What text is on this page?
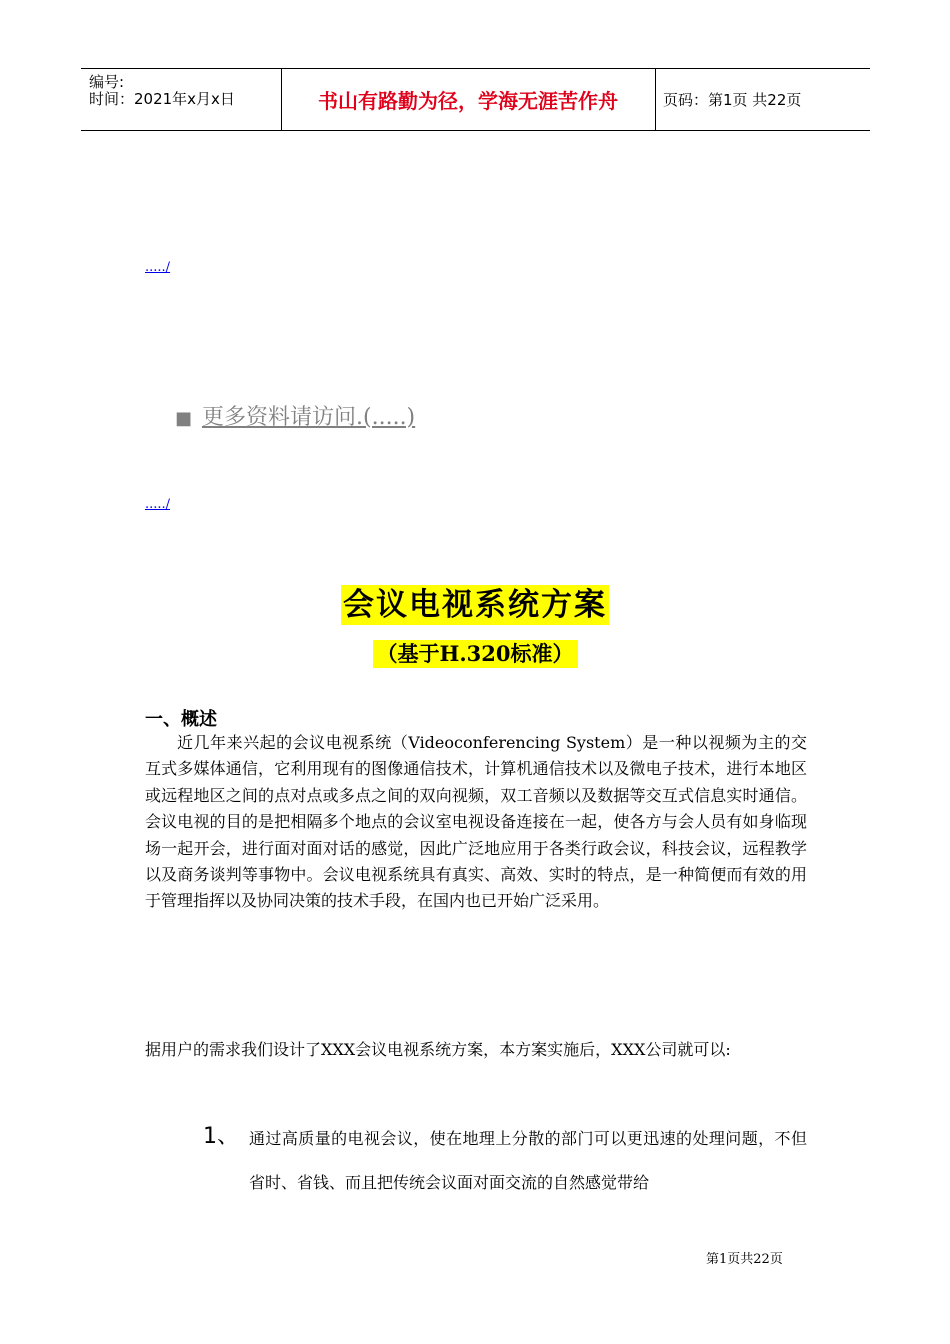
编号:
时间：2021年x月x日	书山有路勤为径，学海无涯苦作舟	页码：第1页 共22页
...../
■ 更多资料请访问.(.....)
...../
会议电视系统方案
（基于H.320标准）
一、概述

近几年来兴起的会议电视系统（Videoconferencing System）是一种以视频为主的交互式多媒体通信，它利用现有的图像通信技术，计算机通信技术以及微电子技术，进行本地区或远程地区之间的点对点或多点之间的双向视频，双工音频以及数据等交互式信息实时通信。会议电视的目的是把相隔多个地点的会议室电视设备连接在一起，使各方与会人员有如身临现场一起开会，进行面对面对话的感觉，因此广泛地应用于各类行政会议，科技会议，远程教学以及商务谈判等事物中。会议电视系统具有真实、高效、实时的特点，是一种简便而有效的用于管理指挥以及协同决策的技术手段，在国内也已开始广泛采用。

据用户的需求我们设计了XXX会议电视系统方案，本方案实施后，XXX公司就可以:

1、 通过高质量的电视会议，使在地理上分散的部门可以更迅速的处理问题，不但省时、省钱、而且把传统会议面对面交流的自然感觉带给

第1页共22页
